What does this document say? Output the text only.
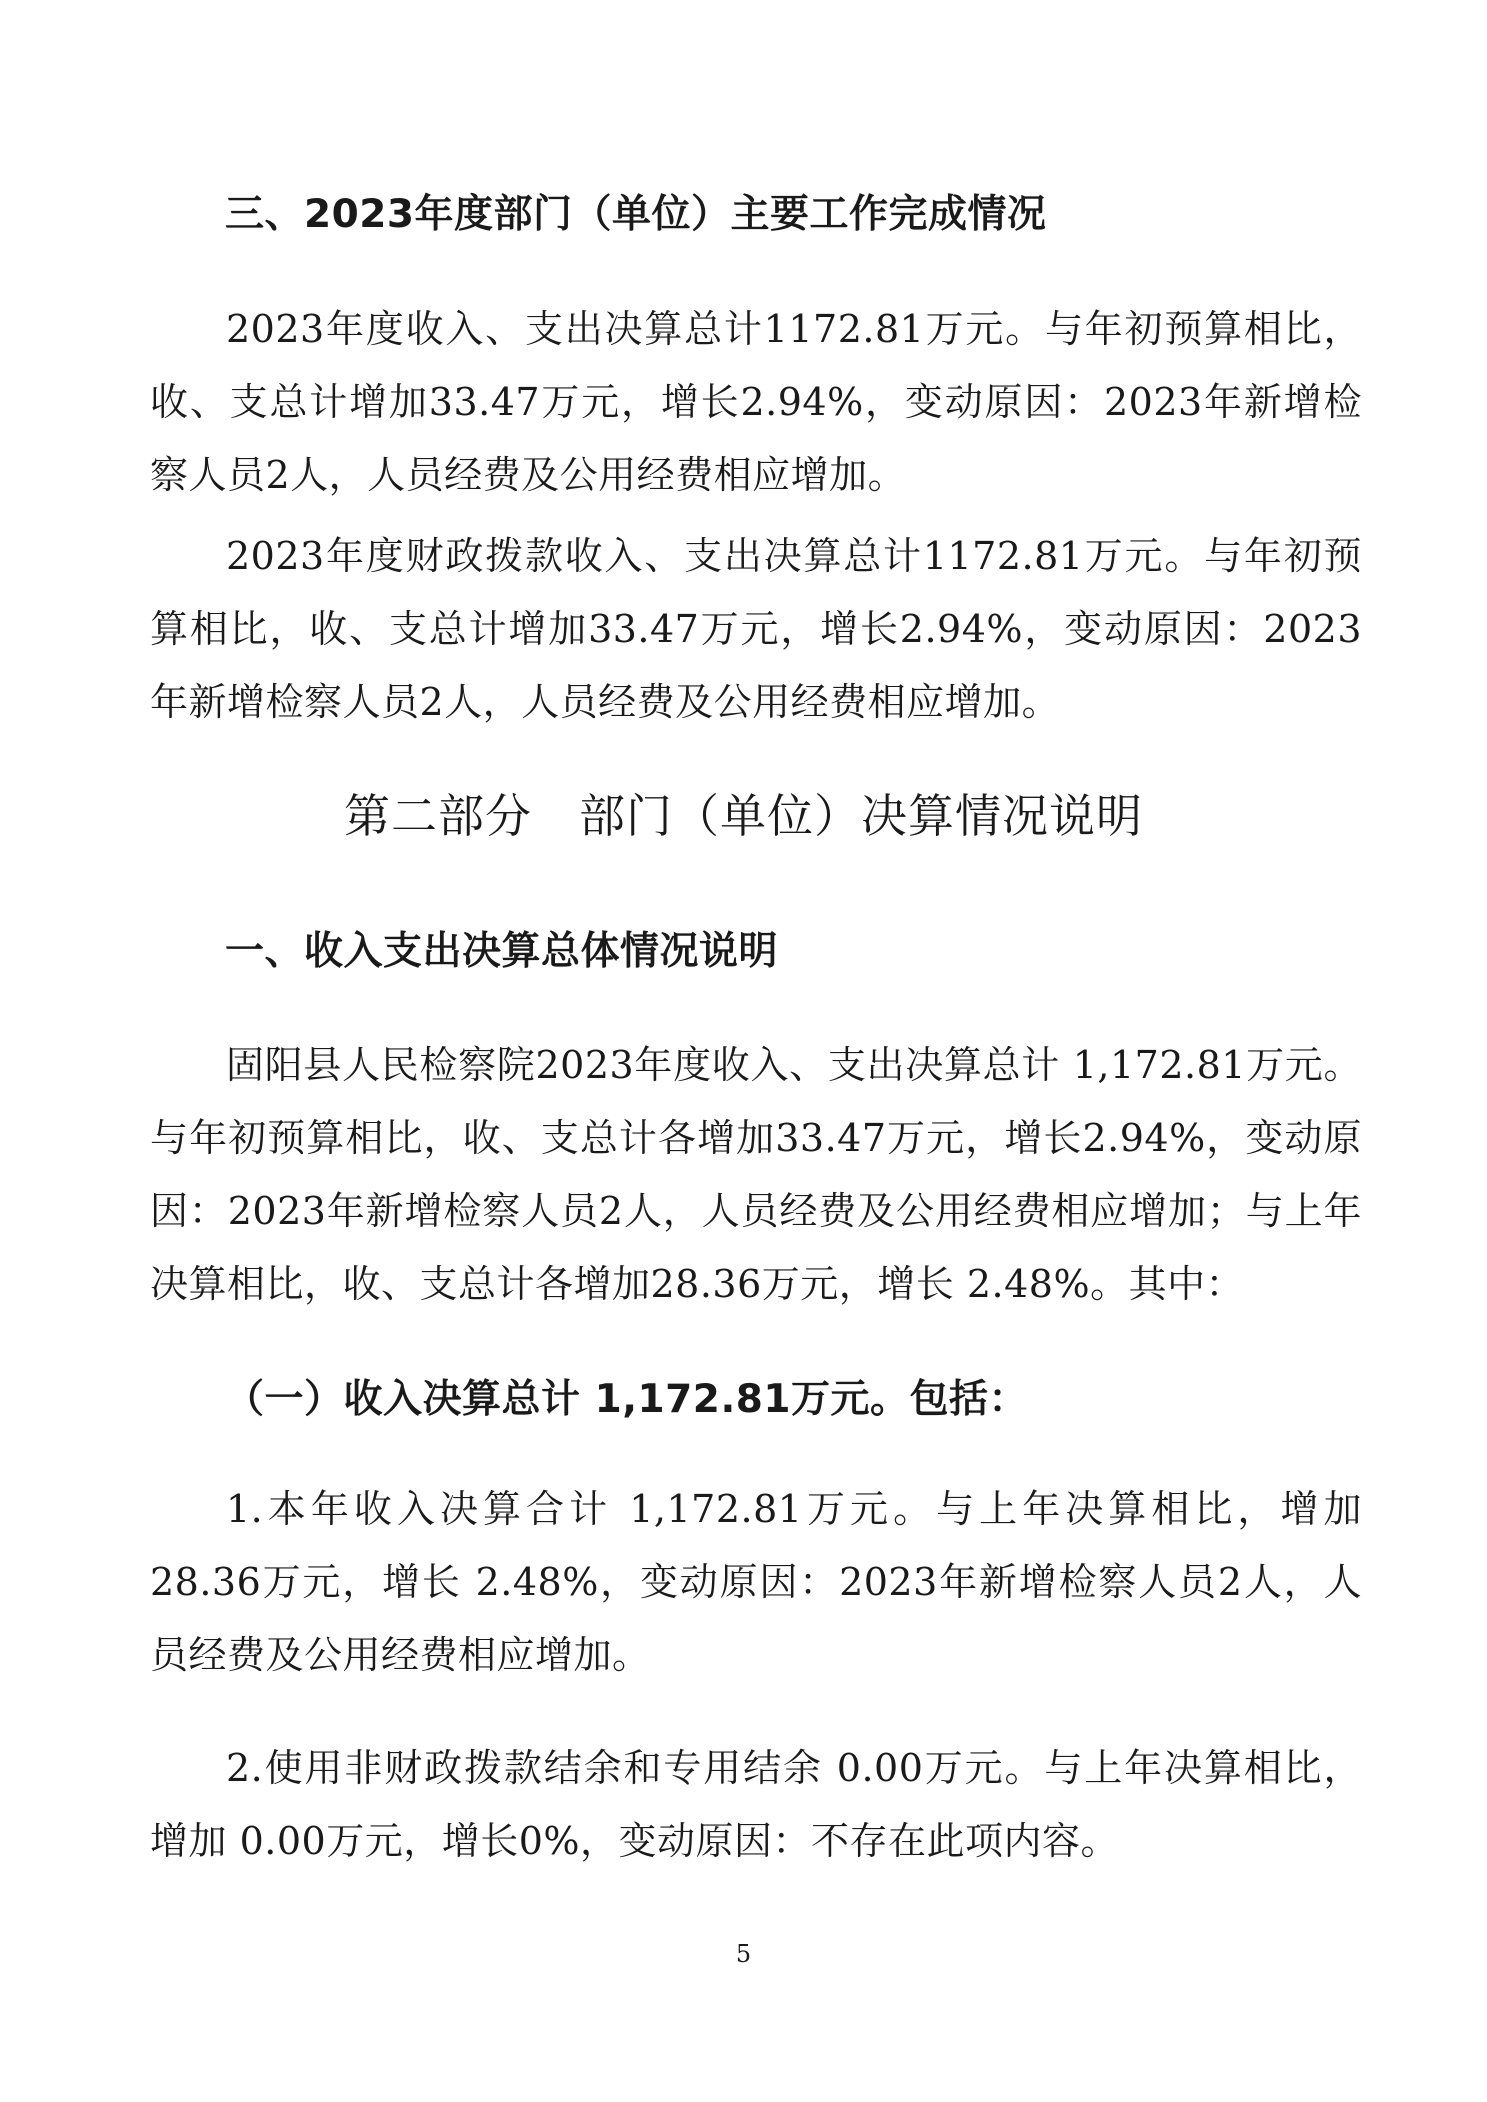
三、2023年度部门（单位）主要工作完成情况
2023年度收入、支出决算总计1172.81万元。与年初预算相比，收、支总计增加33.47万元，增长2.94%，变动原因：2023年新增检察人员2人，人员经费及公用经费相应增加。
2023年度财政拨款收入、支出决算总计1172.81万元。与年初预算相比，收、支总计增加33.47万元，增长2.94%，变动原因：2023年新增检察人员2人，人员经费及公用经费相应增加。
第二部分　部门（单位）决算情况说明
一、收入支出决算总体情况说明
固阳县人民检察院2023年度收入、支出决算总计 1,172.81万元。与年初预算相比，收、支总计各增加33.47万元，增长2.94%，变动原因：2023年新增检察人员2人，人员经费及公用经费相应增加；与上年决算相比，收、支总计各增加28.36万元，增长 2.48%。其中：
（一）收入决算总计 1,172.81万元。包括：
1.本年收入决算合计 1,172.81万元。与上年决算相比，增加28.36万元，增长 2.48%，变动原因：2023年新增检察人员2人，人员经费及公用经费相应增加。
2.使用非财政拨款结余和专用结余 0.00万元。与上年决算相比，增加 0.00万元，增长0%，变动原因：不存在此项内容。
5
